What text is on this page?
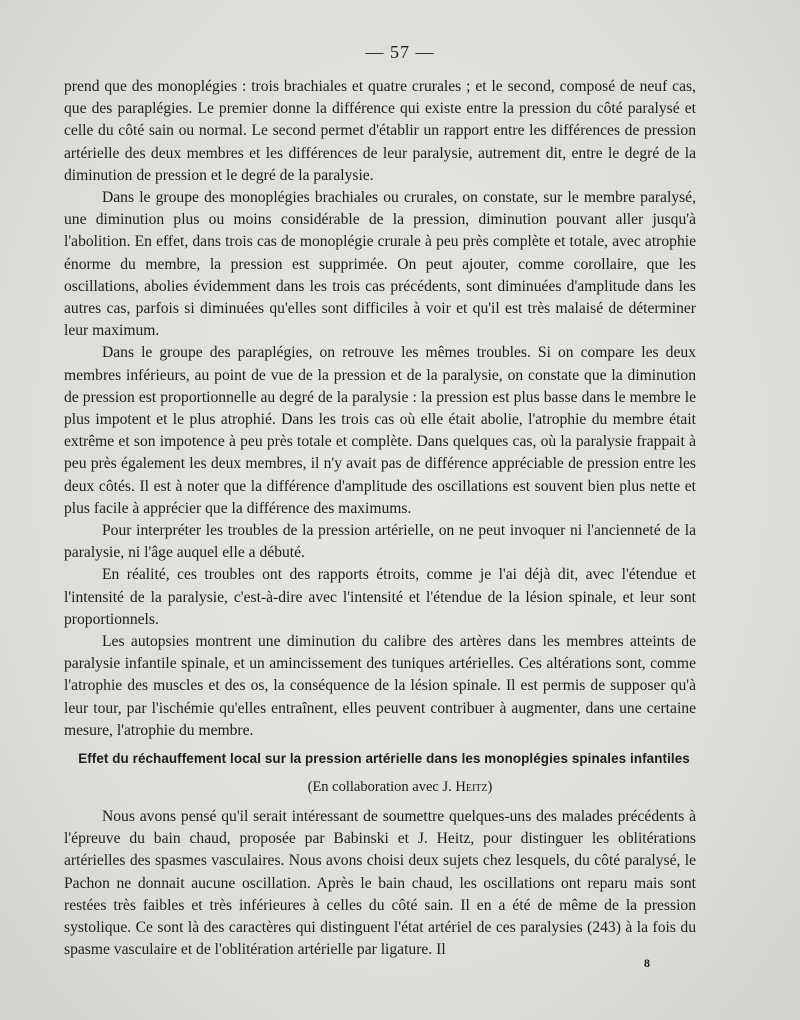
— 57 —

prend que des monoplégies : trois brachiales et quatre crurales ; et le second, composé de neuf cas, que des paraplégies. Le premier donne la différence qui existe entre la pression du côté paralysé et celle du côté sain ou normal. Le second permet d'établir un rapport entre les différences de pression artérielle des deux membres et les différences de leur paralysie, autrement dit, entre le degré de la diminution de pression et le degré de la paralysie.

Dans le groupe des monoplégies brachiales ou crurales, on constate, sur le membre paralysé, une diminution plus ou moins considérable de la pression, diminution pouvant aller jusqu'à l'abolition. En effet, dans trois cas de monoplégie crurale à peu près complète et totale, avec atrophie énorme du membre, la pression est supprimée. On peut ajouter, comme corollaire, que les oscillations, abolies évidemment dans les trois cas précédents, sont diminuées d'amplitude dans les autres cas, parfois si diminuées qu'elles sont difficiles à voir et qu'il est très malaisé de déterminer leur maximum.

Dans le groupe des paraplégies, on retrouve les mêmes troubles. Si on compare les deux membres inférieurs, au point de vue de la pression et de la paralysie, on constate que la diminution de pression est proportionnelle au degré de la paralysie : la pression est plus basse dans le membre le plus impotent et le plus atrophié. Dans les trois cas où elle était abolie, l'atrophie du membre était extrême et son impotence à peu près totale et complète. Dans quelques cas, où la paralysie frappait à peu près également les deux membres, il n'y avait pas de différence appréciable de pression entre les deux côtés. Il est à noter que la différence d'amplitude des oscillations est souvent bien plus nette et plus facile à apprécier que la différence des maximums.

Pour interpréter les troubles de la pression artérielle, on ne peut invoquer ni l'ancienneté de la paralysie, ni l'âge auquel elle a débuté.

En réalité, ces troubles ont des rapports étroits, comme je l'ai déjà dit, avec l'étendue et l'intensité de la paralysie, c'est-à-dire avec l'intensité et l'étendue de la lésion spinale, et leur sont proportionnels.

Les autopsies montrent une diminution du calibre des artères dans les membres atteints de paralysie infantile spinale, et un amincissement des tuniques artérielles. Ces altérations sont, comme l'atrophie des muscles et des os, la conséquence de la lésion spinale. Il est permis de supposer qu'à leur tour, par l'ischémie qu'elles entraînent, elles peuvent contribuer à augmenter, dans une certaine mesure, l'atrophie du membre.

Effet du réchauffement local sur la pression artérielle dans les monoplégies spinales infantiles
(En collaboration avec J. Heitz)

Nous avons pensé qu'il serait intéressant de soumettre quelques-uns des malades précédents à l'épreuve du bain chaud, proposée par Babinski et J. Heitz, pour distinguer les oblitérations artérielles des spasmes vasculaires. Nous avons choisi deux sujets chez lesquels, du côté paralysé, le Pachon ne donnait aucune oscillation. Après le bain chaud, les oscillations ont reparu mais sont restées très faibles et très inférieures à celles du côté sain. Il en a été de même de la pression systolique. Ce sont là des caractères qui distinguent l'état artériel de ces paralysies (243) à la fois du spasme vasculaire et de l'oblitération artérielle par ligature. Il

8
